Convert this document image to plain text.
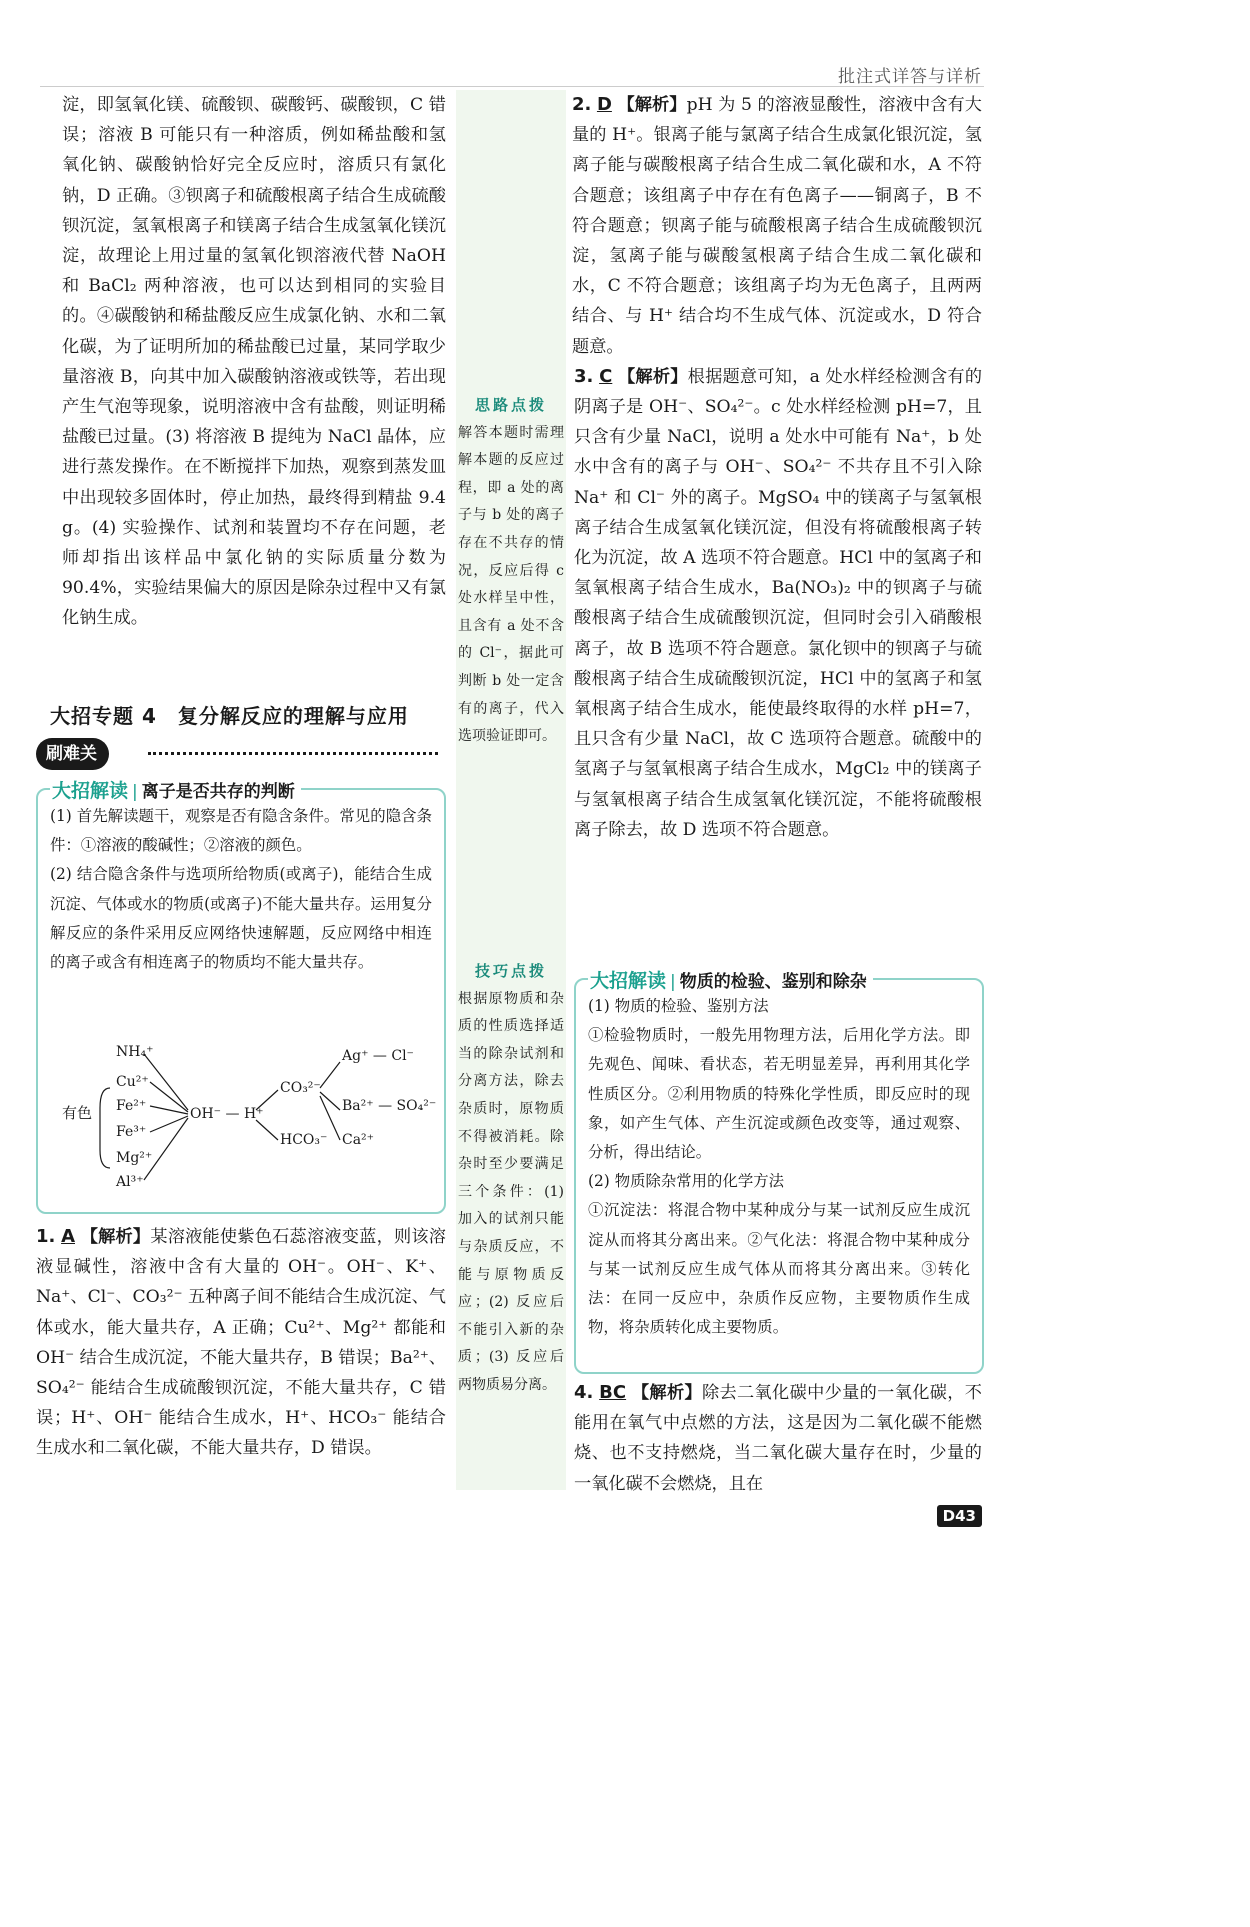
批注式详答与详析

淀，即氢氧化镁、硫酸钡、碳酸钙、碳酸钡，C 错误；溶液 B 可能只有一种溶质，例如稀盐酸和氢氧化钠、碳酸钠恰好完全反应时，溶质只有氯化钠，D 正确。③钡离子和硫酸根离子结合生成硫酸钡沉淀，氢氧根离子和镁离子结合生成氢氧化镁沉淀，故理论上用过量的氢氧化钡溶液代替 NaOH 和 BaCl₂ 两种溶液，也可以达到相同的实验目的。④碳酸钠和稀盐酸反应生成氯化钠、水和二氧化碳，为了证明所加的稀盐酸已过量，某同学取少量溶液 B，向其中加入碳酸钠溶液或铁等，若出现产生气泡等现象，说明溶液中含有盐酸，则证明稀盐酸已过量。(3) 将溶液 B 提纯为 NaCl 晶体，应进行蒸发操作。在不断搅拌下加热，观察到蒸发皿中出现较多固体时，停止加热，最终得到精盐 9.4 g。(4) 实验操作、试剂和装置均不存在问题，老师却指出该样品中氯化钠的实际质量分数为 90.4%，实验结果偏大的原因是除杂过程中又有氯化钠生成。

大招专题 4　复分解反应的理解与应用
刷难关
大招解读 | 离子是否共存的判断

(1) 首先解读题干，观察是否有隐含条件。常见的隐含条件：①溶液的酸碱性；②溶液的颜色。

(2) 结合隐含条件与选项所给物质(或离子)，能结合生成沉淀、气体或水的物质(或离子)不能大量共存。运用复分解反应的条件采用反应网络快速解题，反应网络中相连的离子或含有相连离子的物质均不能大量共存。

有色
NH₄⁺
Cu²⁺
Fe²⁺
Fe³⁺
Mg²⁺
Al³⁺
OH⁻ — H⁺
CO₃²⁻
HCO₃⁻
Ag⁺ — Cl⁻
Ba²⁺ — SO₄²⁻
Ca²⁺

1. A 【解析】某溶液能使紫色石蕊溶液变蓝，则该溶液显碱性，溶液中含有大量的 OH⁻。OH⁻、K⁺、Na⁺、Cl⁻、CO₃²⁻ 五种离子间不能结合生成沉淀、气体或水，能大量共存，A 正确；Cu²⁺、Mg²⁺ 都能和 OH⁻ 结合生成沉淀，不能大量共存，B 错误；Ba²⁺、SO₄²⁻ 能结合生成硫酸钡沉淀，不能大量共存，C 错误；H⁺、OH⁻ 能结合生成水，H⁺、HCO₃⁻ 能结合生成水和二氧化碳，不能大量共存，D 错误。

思路点拨

解答本题时需理解本题的反应过程，即 a 处的离子与 b 处的离子存在不共存的情况，反应后得 c 处水样呈中性，且含有 a 处不含的 Cl⁻，据此可判断 b 处一定含有的离子，代入选项验证即可。

技巧点拨

根据原物质和杂质的性质选择适当的除杂试剂和分离方法，除去杂质时，原物质不得被消耗。除杂时至少要满足三个条件：(1) 加入的试剂只能与杂质反应，不能与原物质反应；(2) 反应后不能引入新的杂质；(3) 反应后两物质易分离。

2. D 【解析】pH 为 5 的溶液显酸性，溶液中含有大量的 H⁺。银离子能与氯离子结合生成氯化银沉淀，氢离子能与碳酸根离子结合生成二氧化碳和水，A 不符合题意；该组离子中存在有色离子——铜离子，B 不符合题意；钡离子能与硫酸根离子结合生成硫酸钡沉淀，氢离子能与碳酸氢根离子结合生成二氧化碳和水，C 不符合题意；该组离子均为无色离子，且两两结合、与 H⁺ 结合均不生成气体、沉淀或水，D 符合题意。

3. C 【解析】根据题意可知，a 处水样经检测含有的阴离子是 OH⁻、SO₄²⁻。c 处水样经检测 pH=7，且只含有少量 NaCl，说明 a 处水中可能有 Na⁺，b 处水中含有的离子与 OH⁻、SO₄²⁻ 不共存且不引入除 Na⁺ 和 Cl⁻ 外的离子。MgSO₄ 中的镁离子与氢氧根离子结合生成氢氧化镁沉淀，但没有将硫酸根离子转化为沉淀，故 A 选项不符合题意。HCl 中的氢离子和氢氧根离子结合生成水，Ba(NO₃)₂ 中的钡离子与硫酸根离子结合生成硫酸钡沉淀，但同时会引入硝酸根离子，故 B 选项不符合题意。氯化钡中的钡离子与硫酸根离子结合生成硫酸钡沉淀，HCl 中的氢离子和氢氧根离子结合生成水，能使最终取得的水样 pH=7，且只含有少量 NaCl，故 C 选项符合题意。硫酸中的氢离子与氢氧根离子结合生成水，MgCl₂ 中的镁离子与氢氧根离子结合生成氢氧化镁沉淀，不能将硫酸根离子除去，故 D 选项不符合题意。

大招解读 | 物质的检验、鉴别和除杂

(1) 物质的检验、鉴别方法

①检验物质时，一般先用物理方法，后用化学方法。即先观色、闻味、看状态，若无明显差异，再利用其化学性质区分。②利用物质的特殊化学性质，即反应时的现象，如产生气体、产生沉淀或颜色改变等，通过观察、分析，得出结论。

(2) 物质除杂常用的化学方法

①沉淀法：将混合物中某种成分与某一试剂反应生成沉淀从而将其分离出来。②气化法：将混合物中某种成分与某一试剂反应生成气体从而将其分离出来。③转化法：在同一反应中，杂质作反应物，主要物质作生成物，将杂质转化成主要物质。

4. BC 【解析】除去二氧化碳中少量的一氧化碳，不能用在氧气中点燃的方法，这是因为二氧化碳不能燃烧、也不支持燃烧，当二氧化碳大量存在时，少量的一氧化碳不会燃烧，且在

D43
